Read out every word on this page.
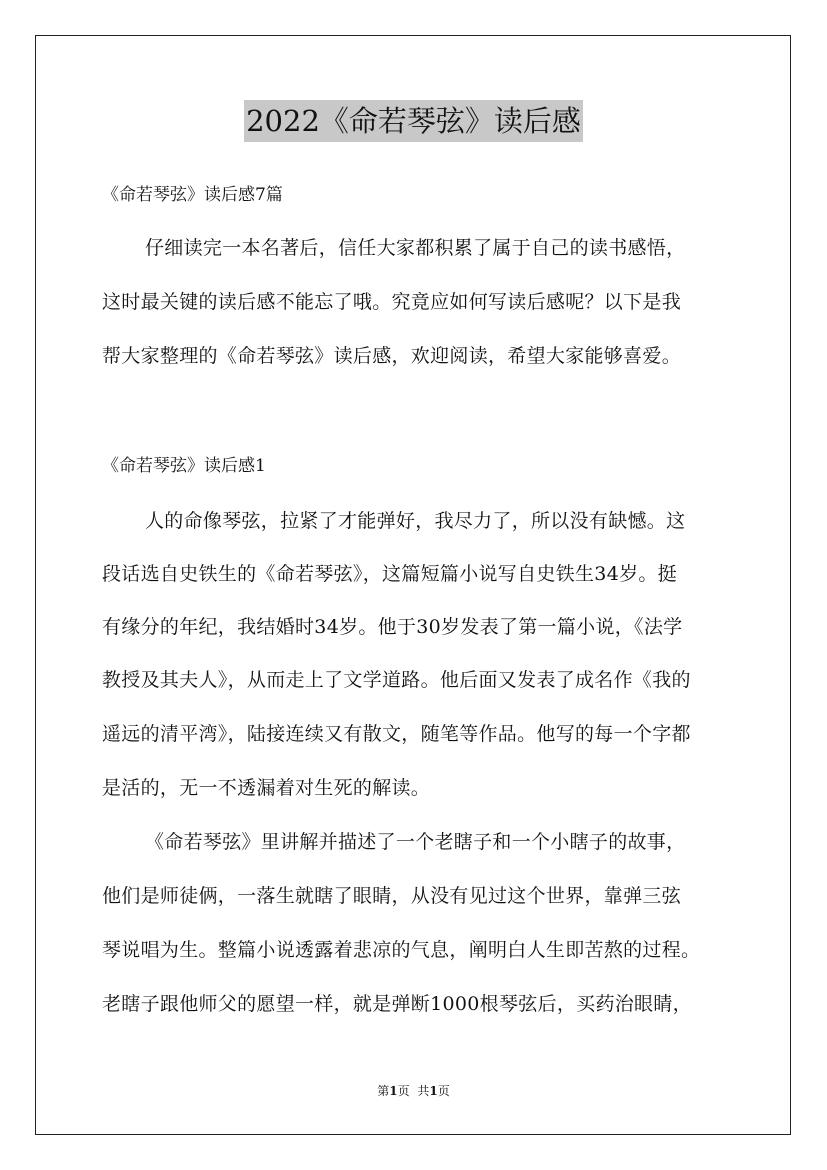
2022《命若琴弦》读后感
《命若琴弦》读后感7篇
仔细读完一本名著后，信任大家都积累了属于自己的读书感悟，
这时最关键的读后感不能忘了哦。究竟应如何写读后感呢？以下是我
帮大家整理的《命若琴弦》读后感，欢迎阅读，希望大家能够喜爱。
《命若琴弦》读后感1
人的命像琴弦，拉紧了才能弹好，我尽力了，所以没有缺憾。这
段话选自史铁生的《命若琴弦》，这篇短篇小说写自史铁生34岁。挺
有缘分的年纪，我结婚时34岁。他于30岁发表了第一篇小说，《法学
教授及其夫人》，从而走上了文学道路。他后面又发表了成名作《我的
遥远的清平湾》，陆接连续又有散文，随笔等作品。他写的每一个字都
是活的，无一不透漏着对生死的解读。
《命若琴弦》里讲解并描述了一个老瞎子和一个小瞎子的故事，
他们是师徒俩，一落生就瞎了眼睛，从没有见过这个世界，靠弹三弦
琴说唱为生。整篇小说透露着悲凉的气息，阐明白人生即苦熬的过程。
老瞎子跟他师父的愿望一样，就是弹断1000根琴弦后，买药治眼睛，
第1页 共1页
